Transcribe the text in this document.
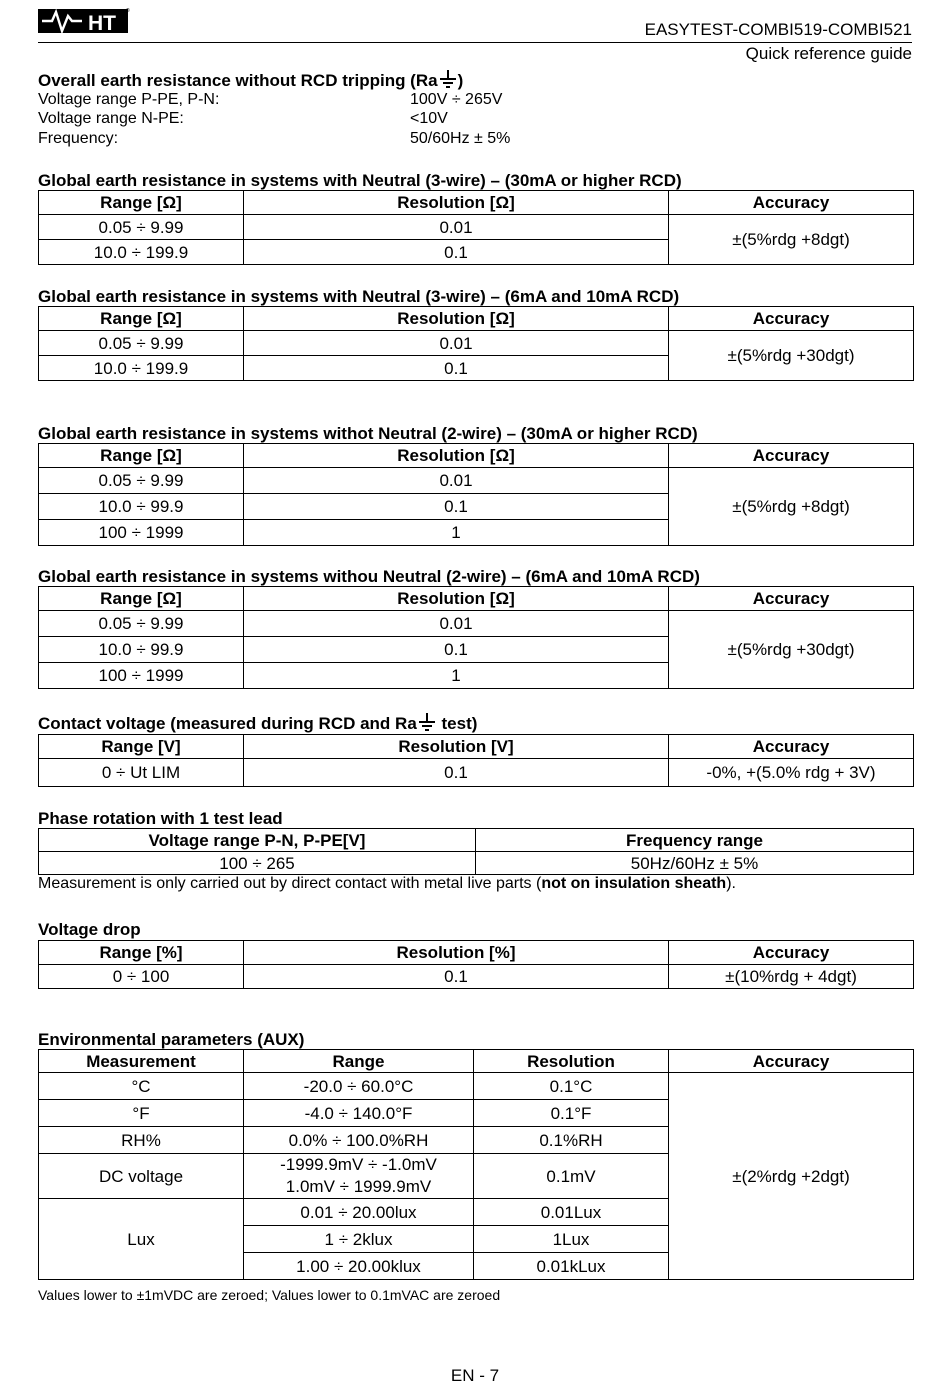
HT
®
EASYTEST-COMBI519-COMBI521
Quick reference guide
Overall earth resistance without RCD tripping (Ra )
Voltage range P-PE, P-N:	100V ÷ 265V
Voltage range N-PE:	<10V
Frequency:	50/60Hz ± 5%
Global earth resistance in systems with Neutral (3-wire) – (30mA or higher RCD)
Range [Ω]	Resolution [Ω]	Accuracy
0.05 ÷ 9.99	0.01	±(5%rdg +8dgt)
10.0 ÷ 199.9	0.1	
Global earth resistance in systems with Neutral (3-wire) – (6mA and 10mA RCD)
Range [Ω]	Resolution [Ω]	Accuracy
0.05 ÷ 9.99	0.01	±(5%rdg +30dgt)
10.0 ÷ 199.9	0.1	
Global earth resistance in systems withot Neutral (2-wire) – (30mA or higher RCD)
Range [Ω]	Resolution [Ω]	Accuracy
0.05 ÷ 9.99	0.01	±(5%rdg +8dgt)
10.0 ÷ 99.9	0.1	
100 ÷ 1999	1	
Global earth resistance in systems withou Neutral (2-wire) – (6mA and 10mA RCD)
Range [Ω]	Resolution [Ω]	Accuracy
0.05 ÷ 9.99	0.01	±(5%rdg +30dgt)
10.0 ÷ 99.9	0.1	
100 ÷ 1999	1	
Contact voltage (measured during RCD and Ra test)
Range [V]	Resolution [V]	Accuracy
0 ÷ Ut LIM	0.1	-0%, +(5.0% rdg + 3V)
Phase rotation with 1 test lead
Voltage range P-N, P-PE[V]	Frequency range
100 ÷ 265	50Hz/60Hz ± 5%
Measurement is only carried out by direct contact with metal live parts (not on insulation sheath).
Voltage drop
Range [%]	Resolution [%]	Accuracy
0 ÷ 100	0.1	±(10%rdg + 4dgt)
Environmental parameters (AUX)
Measurement	Range	Resolution	Accuracy
°C	-20.0 ÷ 60.0°C	0.1°C	±(2%rdg +2dgt)
°F	-4.0 ÷ 140.0°F	0.1°F	
RH%	0.0% ÷ 100.0%RH	0.1%RH	
DC voltage	-1999.9mV ÷ -1.0mV
1.0mV ÷ 1999.9mV	0.1mV	
Lux	0.01 ÷ 20.00lux	0.01Lux	
	1 ÷ 2klux	1Lux	
	1.00 ÷ 20.00klux	0.01kLux	
Values lower to ±1mVDC are zeroed; Values lower to 0.1mVAC are zeroed
EN - 7
